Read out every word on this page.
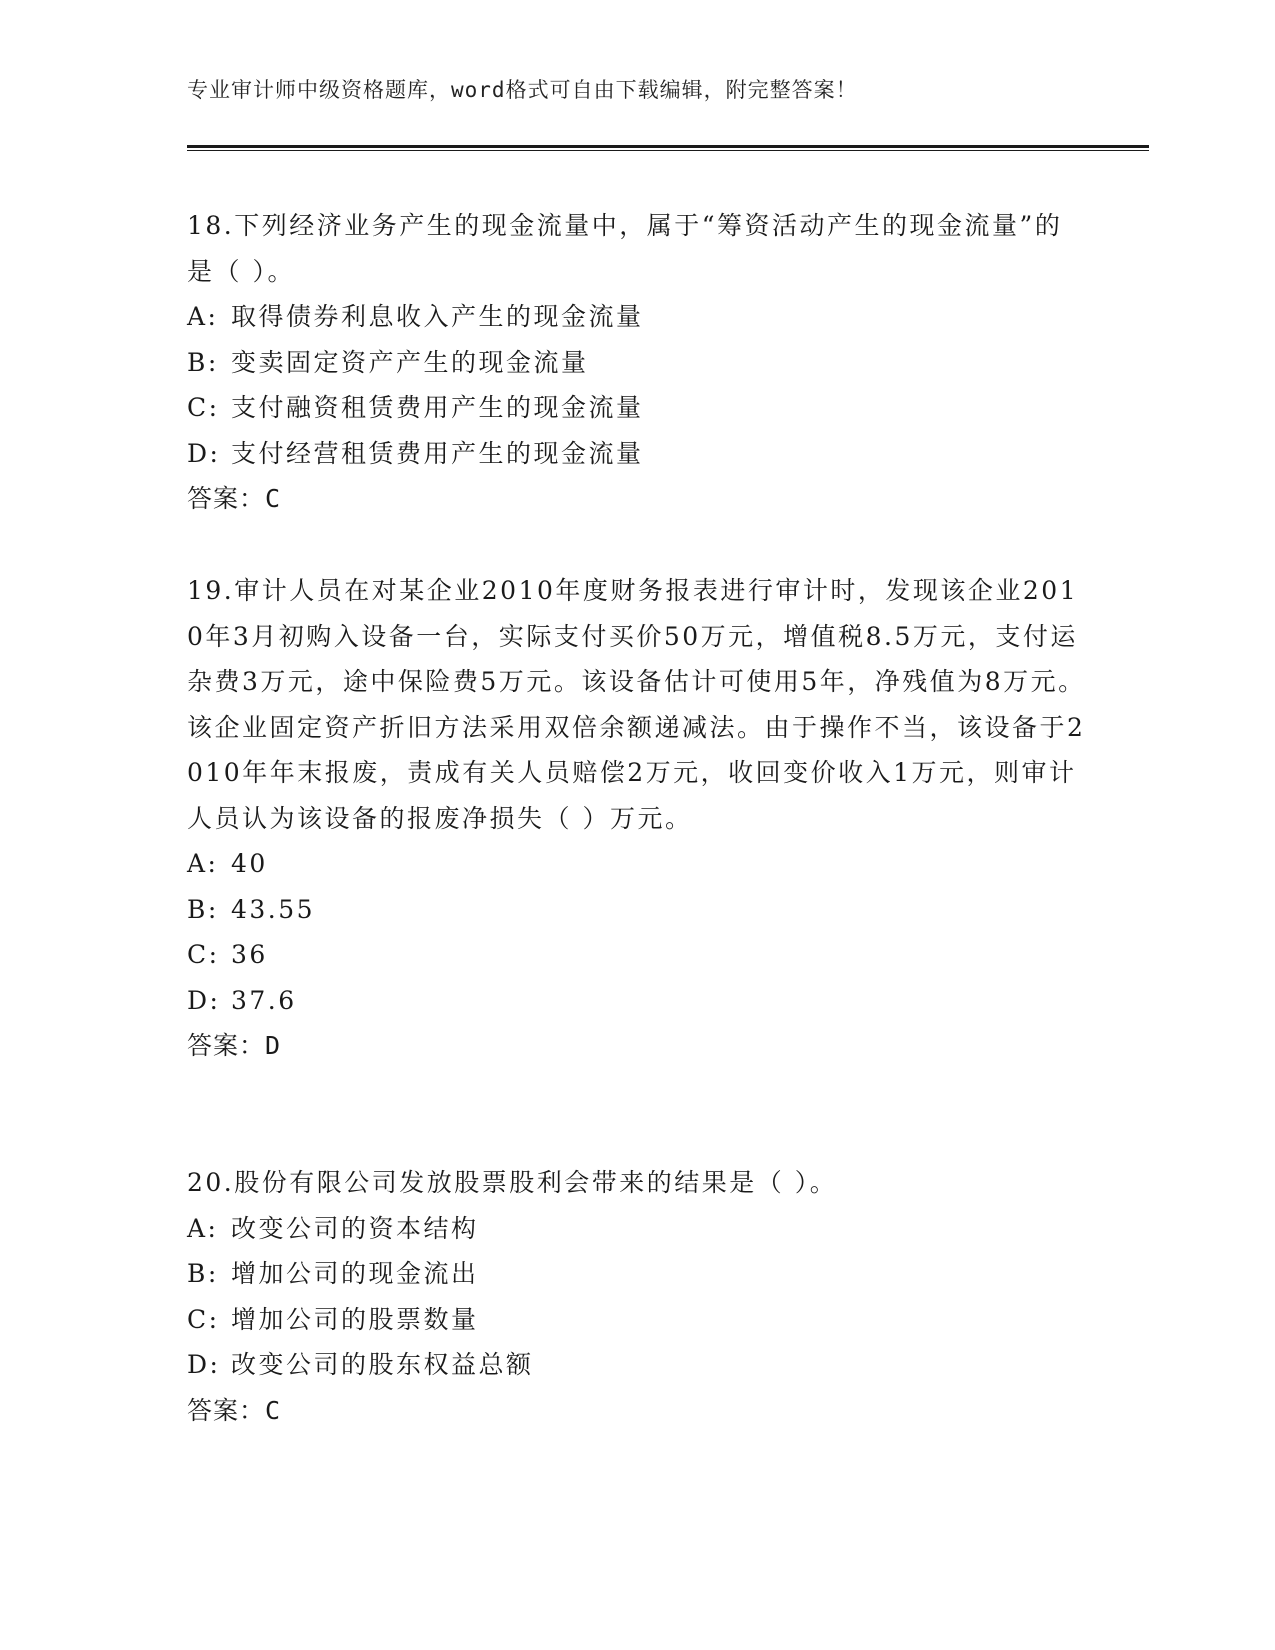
专业审计师中级资格题库，word格式可自由下载编辑，附完整答案！

18.下列经济业务产生的现金流量中，属于“筹资活动产生的现金流量”的是（ ）。

A: 取得债券利息收入产生的现金流量
B: 变卖固定资产产生的现金流量
C: 支付融资租赁费用产生的现金流量
D: 支付经营租赁费用产生的现金流量
答案：C

19.审计人员在对某企业2010年度财务报表进行审计时，发现该企业2010年3月初购入设备一台，实际支付买价50万元，增值税8.5万元，支付运杂费3万元，途中保险费5万元。该设备估计可使用5年，净残值为8万元。该企业固定资产折旧方法采用双倍余额递减法。由于操作不当，该设备于2010年年末报废，责成有关人员赔偿2万元，收回变价收入1万元，则审计人员认为该设备的报废净损失（ ）万元。

A: 40
B: 43.55
C: 36
D: 37.6
答案：D

20.股份有限公司发放股票股利会带来的结果是（ ）。

A: 改变公司的资本结构
B: 增加公司的现金流出
C: 增加公司的股票数量
D: 改变公司的股东权益总额
答案：C
